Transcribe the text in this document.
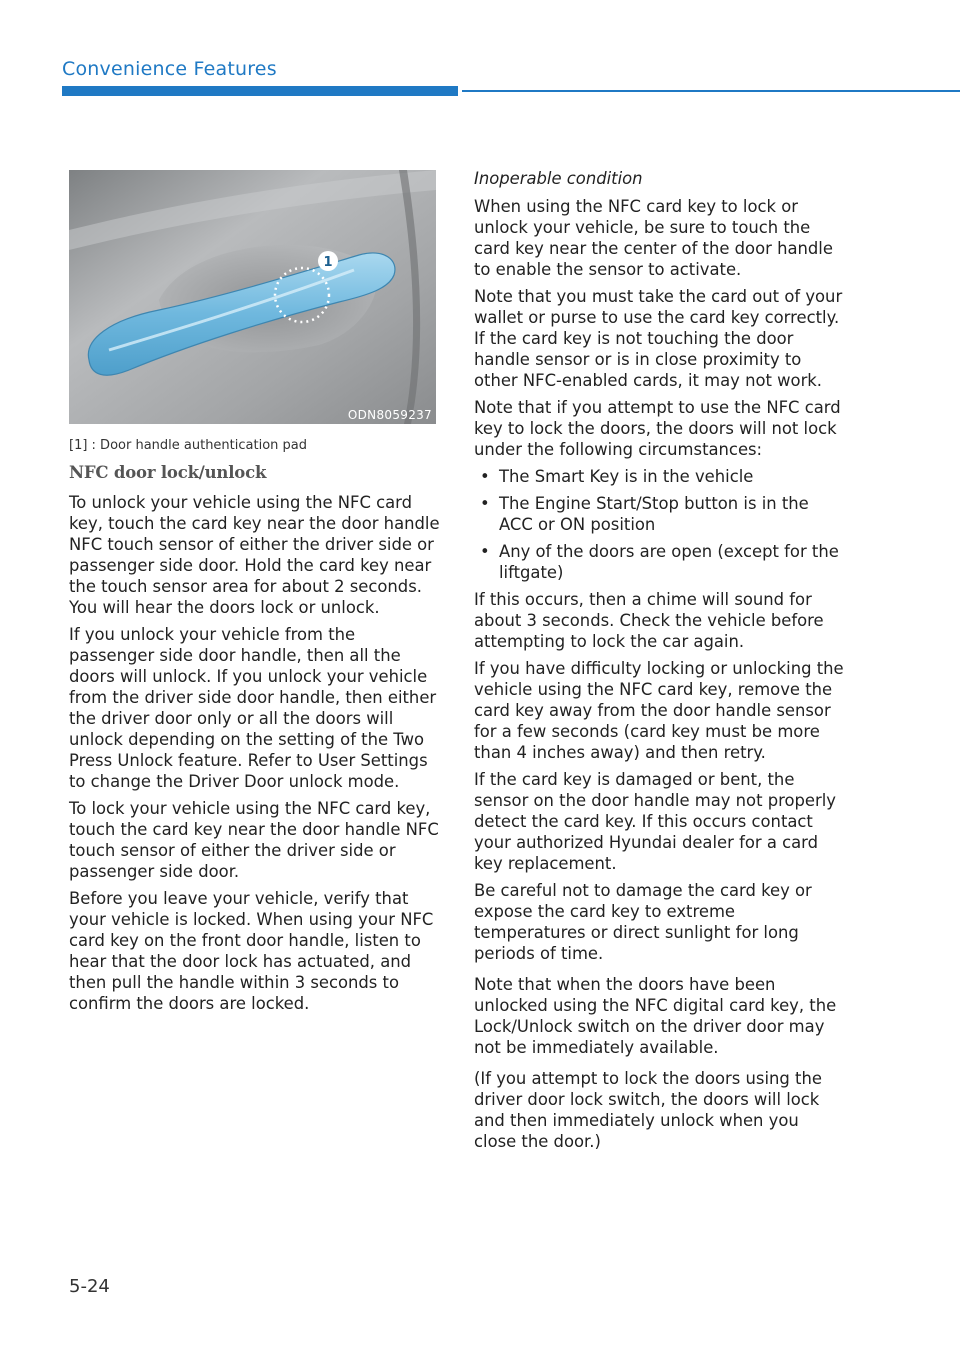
Convenience Features
1
ODN8059237
[1] : Door handle authentication pad
NFC door lock/unlock

To unlock your vehicle using the NFC card key, touch the card key near the door handle NFC touch sensor of either the driver side or passenger side door. Hold the card key near the touch sensor area for about 2 seconds. You will hear the doors lock or unlock.

If you unlock your vehicle from the passenger side door handle, then all the doors will unlock. If you unlock your vehicle from the driver side door handle, then either the driver door only or all the doors will unlock depending on the setting of the Two Press Unlock feature. Refer to User Settings to change the Driver Door unlock mode.

To lock your vehicle using the NFC card key, touch the card key near the door handle NFC touch sensor of either the driver side or passenger side door.

Before you leave your vehicle, verify that your vehicle is locked. When using your NFC card key on the front door handle, listen to hear that the door lock has actuated, and then pull the handle within 3 seconds to confirm the doors are locked.

Inoperable condition

When using the NFC card key to lock or unlock your vehicle, be sure to touch the card key near the center of the door handle to enable the sensor to activate.

Note that you must take the card out of your wallet or purse to use the card key correctly. If the card key is not touching the door handle sensor or is in close proximity to other NFC-enabled cards, it may not work.

Note that if you attempt to use the NFC card key to lock the doors, the doors will not lock under the following circumstances:

• The Smart Key is in the vehicle
• The Engine Start/Stop button is in the ACC or ON position
• Any of the doors are open (except for the liftgate)

If this occurs, then a chime will sound for about 3 seconds. Check the vehicle before attempting to lock the car again.

If you have difficulty locking or unlocking the vehicle using the NFC card key, remove the card key away from the door handle sensor for a few seconds (card key must be more than 4 inches away) and then retry.

If the card key is damaged or bent, the sensor on the door handle may not properly detect the card key. If this occurs contact your authorized Hyundai dealer for a card key replacement.

Be careful not to damage the card key or expose the card key to extreme temperatures or direct sunlight for long periods of time.

Note that when the doors have been unlocked using the NFC digital card key, the Lock/Unlock switch on the driver door may not be immediately available.

(If you attempt to lock the doors using the driver door lock switch, the doors will lock and then immediately unlock when you close the door.)

5-24
